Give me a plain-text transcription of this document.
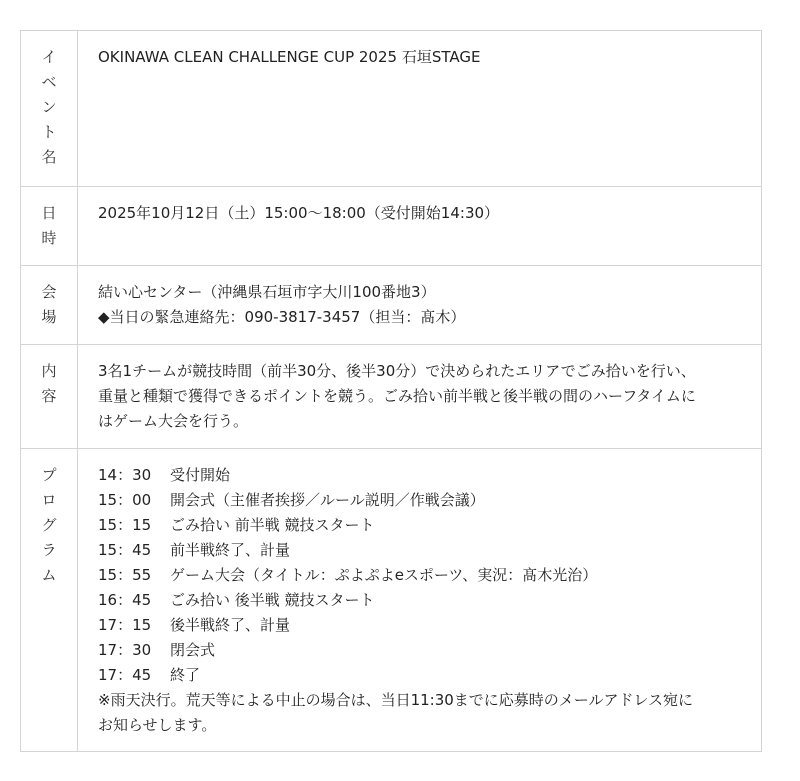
イ
ベ
ン
ト
名
OKINAWA CLEAN CHALLENGE CUP 2025 石垣STAGE
日
時
2025年10月12日（土）15:00〜18:00（受付開始14:30）
会
場
結い心センター（沖縄県石垣市字大川100番地3）
◆当日の緊急連絡先：090-3817-3457（担当：髙木）
内
容
3名1チームが競技時間（前半30分、後半30分）で決められたエリアでごみ拾いを行い、
重量と種類で獲得できるポイントを競う。ごみ拾い前半戦と後半戦の間のハーフタイムに
はゲーム大会を行う。
プ
ロ
グ
ラ
ム
14：30 受付開始
15：00 開会式（主催者挨拶／ルール説明／作戦会議）
15：15 ごみ拾い 前半戦 競技スタート
15：45 前半戦終了、計量
15：55 ゲーム大会（タイトル：ぷよぷよeスポーツ、実況：髙木光治）
16：45 ごみ拾い 後半戦 競技スタート
17：15 後半戦終了、計量
17：30 閉会式
17：45 終了
※雨天決行。荒天等による中止の場合は、当日11:30までに応募時のメールアドレス宛に
お知らせします。
